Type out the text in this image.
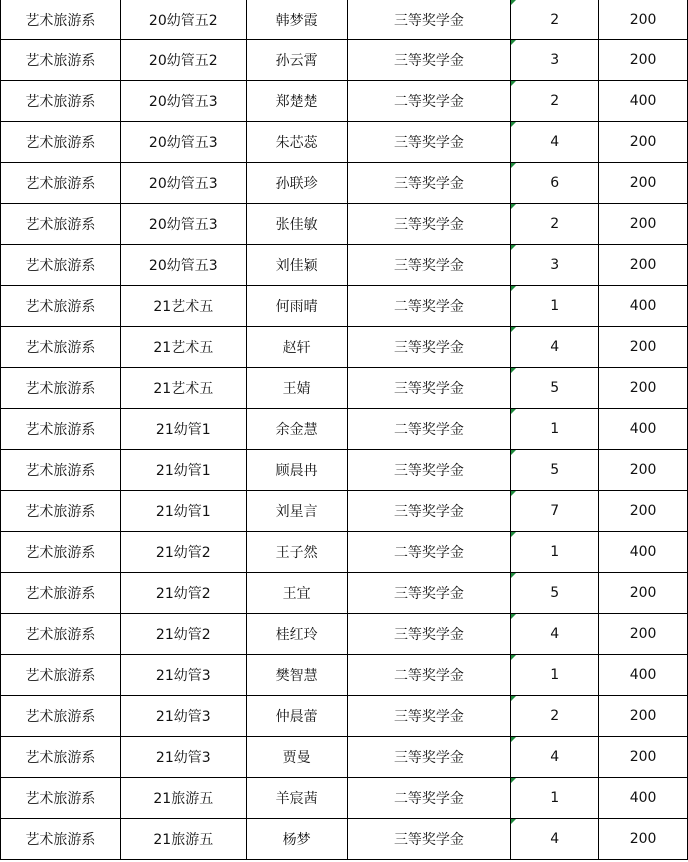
艺术旅游系	20幼管五2	韩梦霞	三等奖学金	2	200
艺术旅游系	20幼管五2	孙云霄	三等奖学金	3	200
艺术旅游系	20幼管五3	郑楚楚	二等奖学金	2	400
艺术旅游系	20幼管五3	朱芯蕊	三等奖学金	4	200
艺术旅游系	20幼管五3	孙联珍	三等奖学金	6	200
艺术旅游系	20幼管五3	张佳敏	三等奖学金	2	200
艺术旅游系	20幼管五3	刘佳颖	三等奖学金	3	200
艺术旅游系	21艺术五	何雨晴	二等奖学金	1	400
艺术旅游系	21艺术五	赵轩	三等奖学金	4	200
艺术旅游系	21艺术五	王婧	三等奖学金	5	200
艺术旅游系	21幼管1	余金慧	二等奖学金	1	400
艺术旅游系	21幼管1	顾晨冉	三等奖学金	5	200
艺术旅游系	21幼管1	刘星言	三等奖学金	7	200
艺术旅游系	21幼管2	王子然	二等奖学金	1	400
艺术旅游系	21幼管2	王宜	三等奖学金	5	200
艺术旅游系	21幼管2	桂红玲	三等奖学金	4	200
艺术旅游系	21幼管3	樊智慧	二等奖学金	1	400
艺术旅游系	21幼管3	仲晨蕾	三等奖学金	2	200
艺术旅游系	21幼管3	贾曼	三等奖学金	4	200
艺术旅游系	21旅游五	羊宸茜	二等奖学金	1	400
艺术旅游系	21旅游五	杨梦	三等奖学金	4	200
